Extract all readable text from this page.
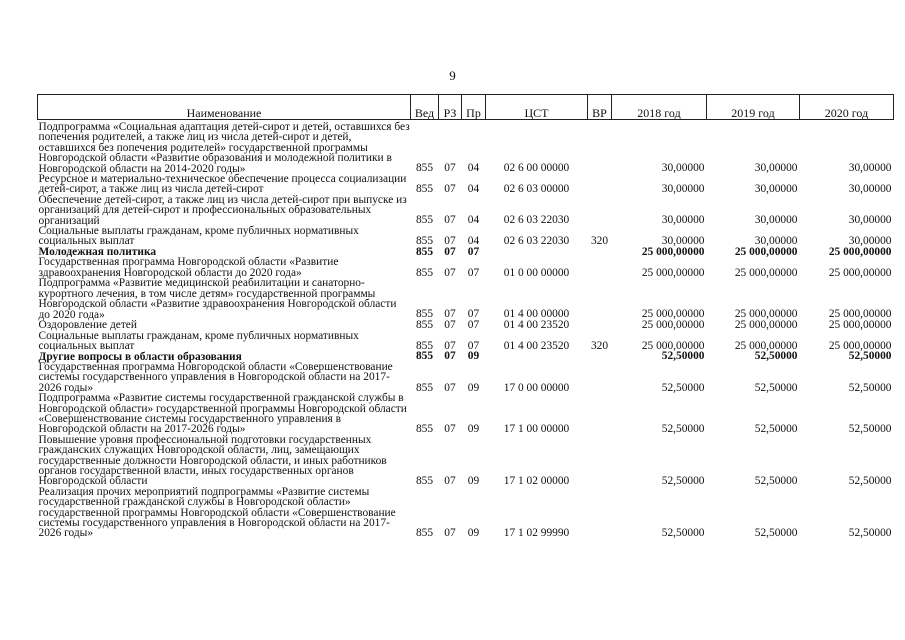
9
Наименование	Вед	РЗ	Пр	ЦСТ	ВР	2018 год	2019 год	2020 год
Подпрограмма «Социальная адаптация детей-сирот и детей, оставшихся без попечения родителей, а также лиц из числа детей-сирот и детей, оставшихся без попечения родителей» государственной программы Новгородской области «Развитие образования и молодежной политики в Новгородской области на 2014-2020 годы»	855	07	04	02 6 00 00000		30,00000	30,00000	30,00000
Ресурсное и материально-техническое обеспечение процесса социализации детей-сирот, а также лиц из числа детей-сирот	855	07	04	02 6 03 00000		30,00000	30,00000	30,00000
Обеспечение детей-сирот, а также лиц из числа детей-сирот при выпуске из организаций для детей-сирот и профессиональных образовательных организаций	855	07	04	02 6 03 22030		30,00000	30,00000	30,00000
Социальные выплаты гражданам, кроме публичных нормативных социальных выплат	855	07	04	02 6 03 22030	320	30,00000	30,00000	30,00000
Молодежная политика	855	07	07			25 000,00000	25 000,00000	25 000,00000
Государственная программа Новгородской области «Развитие здравоохранения Новгородской области до 2020 года»	855	07	07	01 0 00 00000		25 000,00000	25 000,00000	25 000,00000
Подпрограмма «Развитие медицинской реабилитации и санаторно-курортного лечения, в том числе детям» государственной программы Новгородской области «Развитие здравоохранения Новгородской области до 2020 года»	855	07	07	01 4 00 00000		25 000,00000	25 000,00000	25 000,00000
Оздоровление детей	855	07	07	01 4 00 23520		25 000,00000	25 000,00000	25 000,00000
Социальные выплаты гражданам, кроме публичных нормативных социальных выплат	855	07	07	01 4 00 23520	320	25 000,00000	25 000,00000	25 000,00000
Другие вопросы в области образования	855	07	09			52,50000	52,50000	52,50000
Государственная программа Новгородской области «Совершенствование системы государственного управления в Новгородской области на 2017-2026 годы»	855	07	09	17 0 00 00000		52,50000	52,50000	52,50000
Подпрограмма «Развитие системы государственной гражданской службы в Новгородской области» государственной программы Новгородской области «Совершенствование системы государственного управления в Новгородской области на 2017-2026 годы»	855	07	09	17 1 00 00000		52,50000	52,50000	52,50000
Повышение уровня профессиональной подготовки государственных гражданских служащих Новгородской области, лиц, замещающих государственные должности Новгородской области, и иных работников органов государственной власти, иных государственных органов Новгородской области	855	07	09	17 1 02 00000		52,50000	52,50000	52,50000
Реализация прочих мероприятий подпрограммы «Развитие системы государственной гражданской службы в Новгородской области» государственной программы Новгородской области «Совершенствование системы государственного управления в Новгородской области на 2017-2026 годы»	855	07	09	17 1 02 99990		52,50000	52,50000	52,50000
